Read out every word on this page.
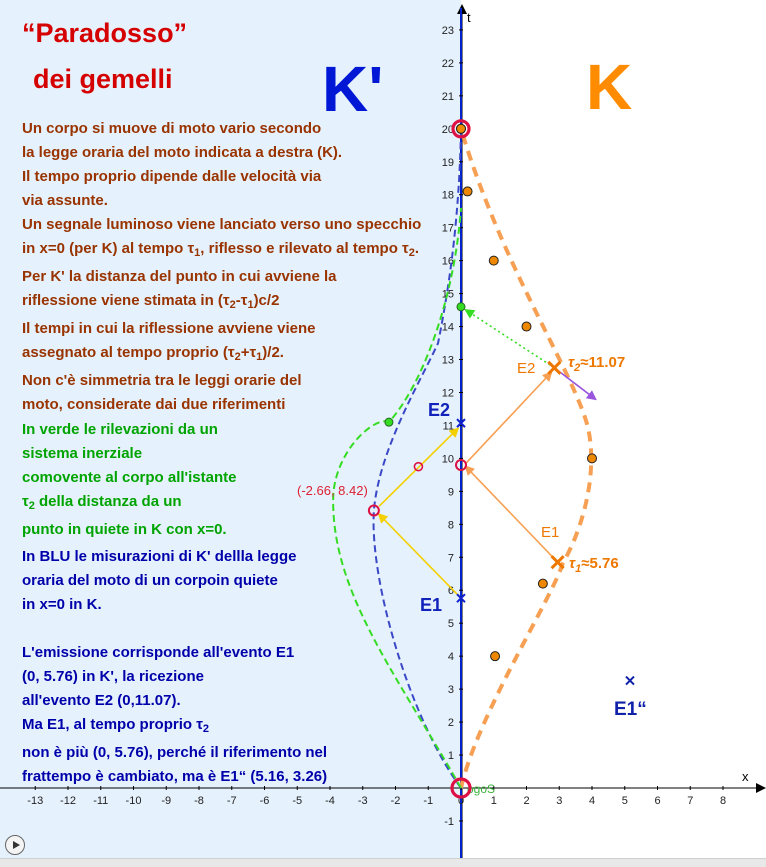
x
t
-13 -12 -11 -10 -9 -8 -7 -6 -5 -4 -3 -2 -1 0 1 2 3 4 5 6 7 8
-1
1
2
3
4
5
6
7
8
9
10
11
12
13
14
15
16
17
18
19
20
21
22
23
ogoS
E1
E2
E1
E2
E1“
$\tau_1\approx 5.76$
$\tau_2\approx 11.07$
(-2.66, 8.42)
“Paradosso”
dei gemelli K'	K
Un corpo si muove di moto vario secondo
la legge oraria del moto indicata a destra (K).
Il tempo proprio dipende dalle velocità via
via assunte.
Un segnale luminoso viene lanciato verso uno specchio
in x=0 (per K) al tempo $\tau_1$, riflesso e rilevato al tempo $\tau_2$.
Per K' la distanza del punto in cui avviene la
riflessione viene stimata in $(\tau_2-\tau_1)c/2$
Il tempi in cui la riflessione avviene viene
assegnato al tempo proprio $(\tau_2+\tau_1)/2$.
Non c'è simmetria tra le leggi orarie del
moto, considerate dai due riferimenti
In verde le rilevazioni da un
sistema inerziale
comovente al corpo all'istante
$\tau_2$ della distanza da un
punto in quiete in K con x=0.
In BLU le misurazioni di K' dellla legge
oraria del moto di un corpoin quiete
in x=0 in K.
L'emissione corrisponde all'evento E1
(0, 5.76) in K', la ricezione
all'evento E2 (0,11.07).
Ma E1, al tempo proprio $\tau_2$
non è più (0, 5.76), perché il riferimento nel
frattempo è cambiato, ma è E1“ (5.16, 3.26)
